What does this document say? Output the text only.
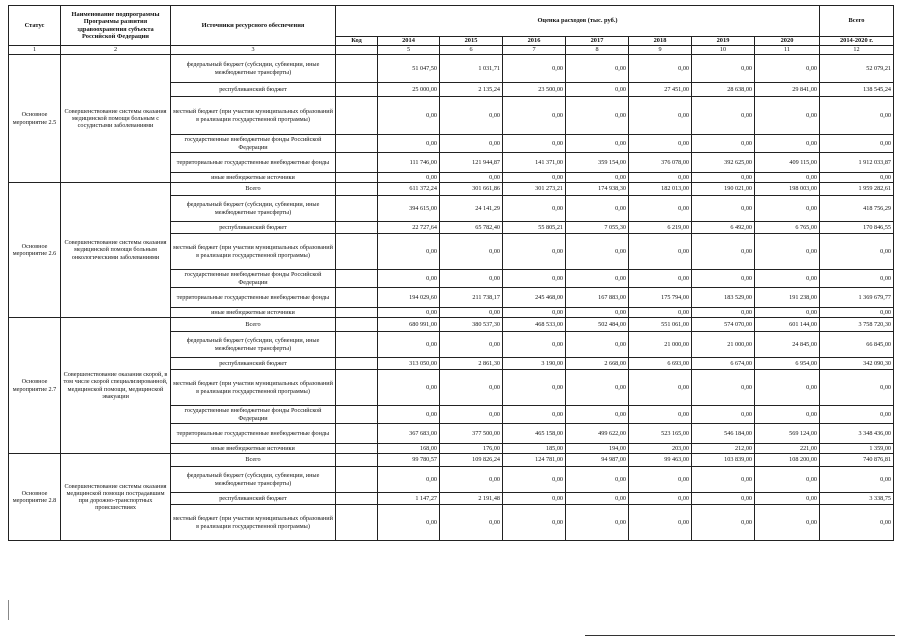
Статус	Наименование подпрограммы Программы развития здравоохранения субъекта Российской Федерации	Источники ресурсного обеспечения	Оценка расходов (тыс. руб.)								Всего
			Код	2014	2015	2016	2017	2018	2019	2020	2014-2020 г.
1	2	3		5	6	7	8	9	10	11	12
Основное мероприятие 2.5	Совершенствование системы оказания медицинской помощи больным с сосудистыми заболеваниями	федеральный бюджет (субсидии, субвенции, иные межбюджетные трансферты)		51 047,50	1 031,71	0,00	0,00	0,00	0,00	0,00	52 079,21
		республиканский бюджет		25 000,00	2 135,24	23 500,00	0,00	27 451,00	28 638,00	29 841,00	138 545,24
		местный бюджет (при участии муниципальных образований в реализации государственной программы)		0,00	0,00	0,00	0,00	0,00	0,00	0,00	0,00
		государственные внебюджетные фонды Российской Федерации		0,00	0,00	0,00	0,00	0,00	0,00	0,00	0,00
		территориальные государственные внебюджетные фонды		111 746,00	121 944,87	141 371,00	359 154,00	376 078,00	392 625,00	409 115,00	1 912 033,87
		иные внебюджетные источники		0,00	0,00	0,00	0,00	0,00	0,00	0,00	0,00
Основное мероприятие 2.6	Совершенствование системы оказания медицинской помощи больным онкологическими заболеваниями	Всего		611 372,24	301 661,86	301 273,21	174 938,30	182 013,00	190 021,00	198 003,00	1 959 282,61
		федеральный бюджет (субсидии, субвенции, иные межбюджетные трансферты)		394 615,00	24 141,29	0,00	0,00	0,00	0,00	0,00	418 756,29
		республиканский бюджет		22 727,64	65 782,40	55 805,21	7 055,30	6 219,00	6 492,00	6 765,00	170 846,55
		местный бюджет (при участии муниципальных образований в реализации государственной программы)		0,00	0,00	0,00	0,00	0,00	0,00	0,00	0,00
		государственные внебюджетные фонды Российской Федерации		0,00	0,00	0,00	0,00	0,00	0,00	0,00	0,00
		территориальные государственные внебюджетные фонды		194 029,60	211 738,17	245 468,00	167 883,00	175 794,00	183 529,00	191 238,00	1 369 679,77
		иные внебюджетные источники		0,00	0,00	0,00	0,00	0,00	0,00	0,00	0,00
Основное мероприятие 2.7	Совершенствование оказания скорой, в том числе скорой специализированной, медицинской помощи, медицинской эвакуации	Всего		680 991,00	380 537,30	468 533,00	502 484,00	551 061,00	574 070,00	601 144,00	3 758 720,30
		федеральный бюджет (субсидии, субвенции, иные межбюджетные трансферты)		0,00	0,00	0,00	0,00	21 000,00	21 000,00	24 845,00	66 845,00
		республиканский бюджет		313 050,00	2 861,30	3 190,00	2 668,00	6 693,00	6 674,00	6 954,00	342 090,30
		местный бюджет (при участии муниципальных образований в реализации государственной программы)		0,00	0,00	0,00	0,00	0,00	0,00	0,00	0,00
		государственные внебюджетные фонды Российской Федерации		0,00	0,00	0,00	0,00	0,00	0,00	0,00	0,00
		территориальные государственные внебюджетные фонды		367 683,00	377 500,00	465 158,00	499 622,00	523 165,00	546 184,00	569 124,00	3 348 436,00
		иные внебюджетные источники		168,00	176,00	185,00	194,00	203,00	212,00	221,00	1 359,00
Основное мероприятие 2.8	Совершенствование системы оказания медицинской помощи пострадавшим при дорожно-транспортных происшествиях	Всего		99 780,57	109 826,24	124 781,00	94 987,00	99 463,00	103 839,00	108 200,00	740 876,81
		федеральный бюджет (субсидии, субвенции, иные межбюджетные трансферты)		0,00	0,00	0,00	0,00	0,00	0,00	0,00	0,00
		республиканский бюджет		1 147,27	2 191,48	0,00	0,00	0,00	0,00	0,00	3 338,75
		местный бюджет (при участии муниципальных образований в реализации государственной программы)		0,00	0,00	0,00	0,00	0,00	0,00	0,00	0,00
